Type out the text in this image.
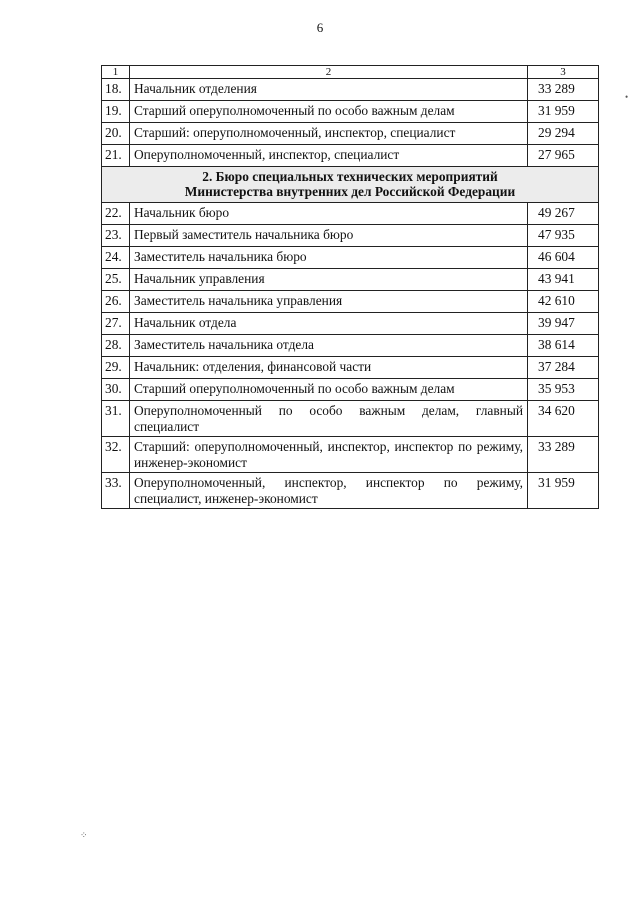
6
1	2	3
18.	Начальник отделения	33 289
19.	Старший оперуполномоченный по особо важным делам	31 959
20.	Старший: оперуполномоченный, инспектор, специалист	29 294
21.	Оперуполномоченный, инспектор, специалист	27 965

2. Бюро специальных технических мероприятий
Министерства внутренних дел Российской Федерации		

22.	Начальник бюро	49 267
23.	Первый заместитель начальника бюро	47 935
24.	Заместитель начальника бюро	46 604
25.	Начальник управления	43 941
26.	Заместитель начальника управления	42 610
27.	Начальник отдела	39 947
28.	Заместитель начальника отдела	38 614
29.	Начальник: отделения, финансовой части	37 284
30.	Старший оперуполномоченный по особо важным делам	35 953
31.	Оперуполномоченный по особо важным делам, главный специалист	34 620
32.	Старший: оперуполномоченный, инспектор, инспектор по режиму, инженер-экономист	33 289
33.	Оперуполномоченный, инспектор, инспектор по режиму, специалист, инженер-экономист	31 959
•
⁘
